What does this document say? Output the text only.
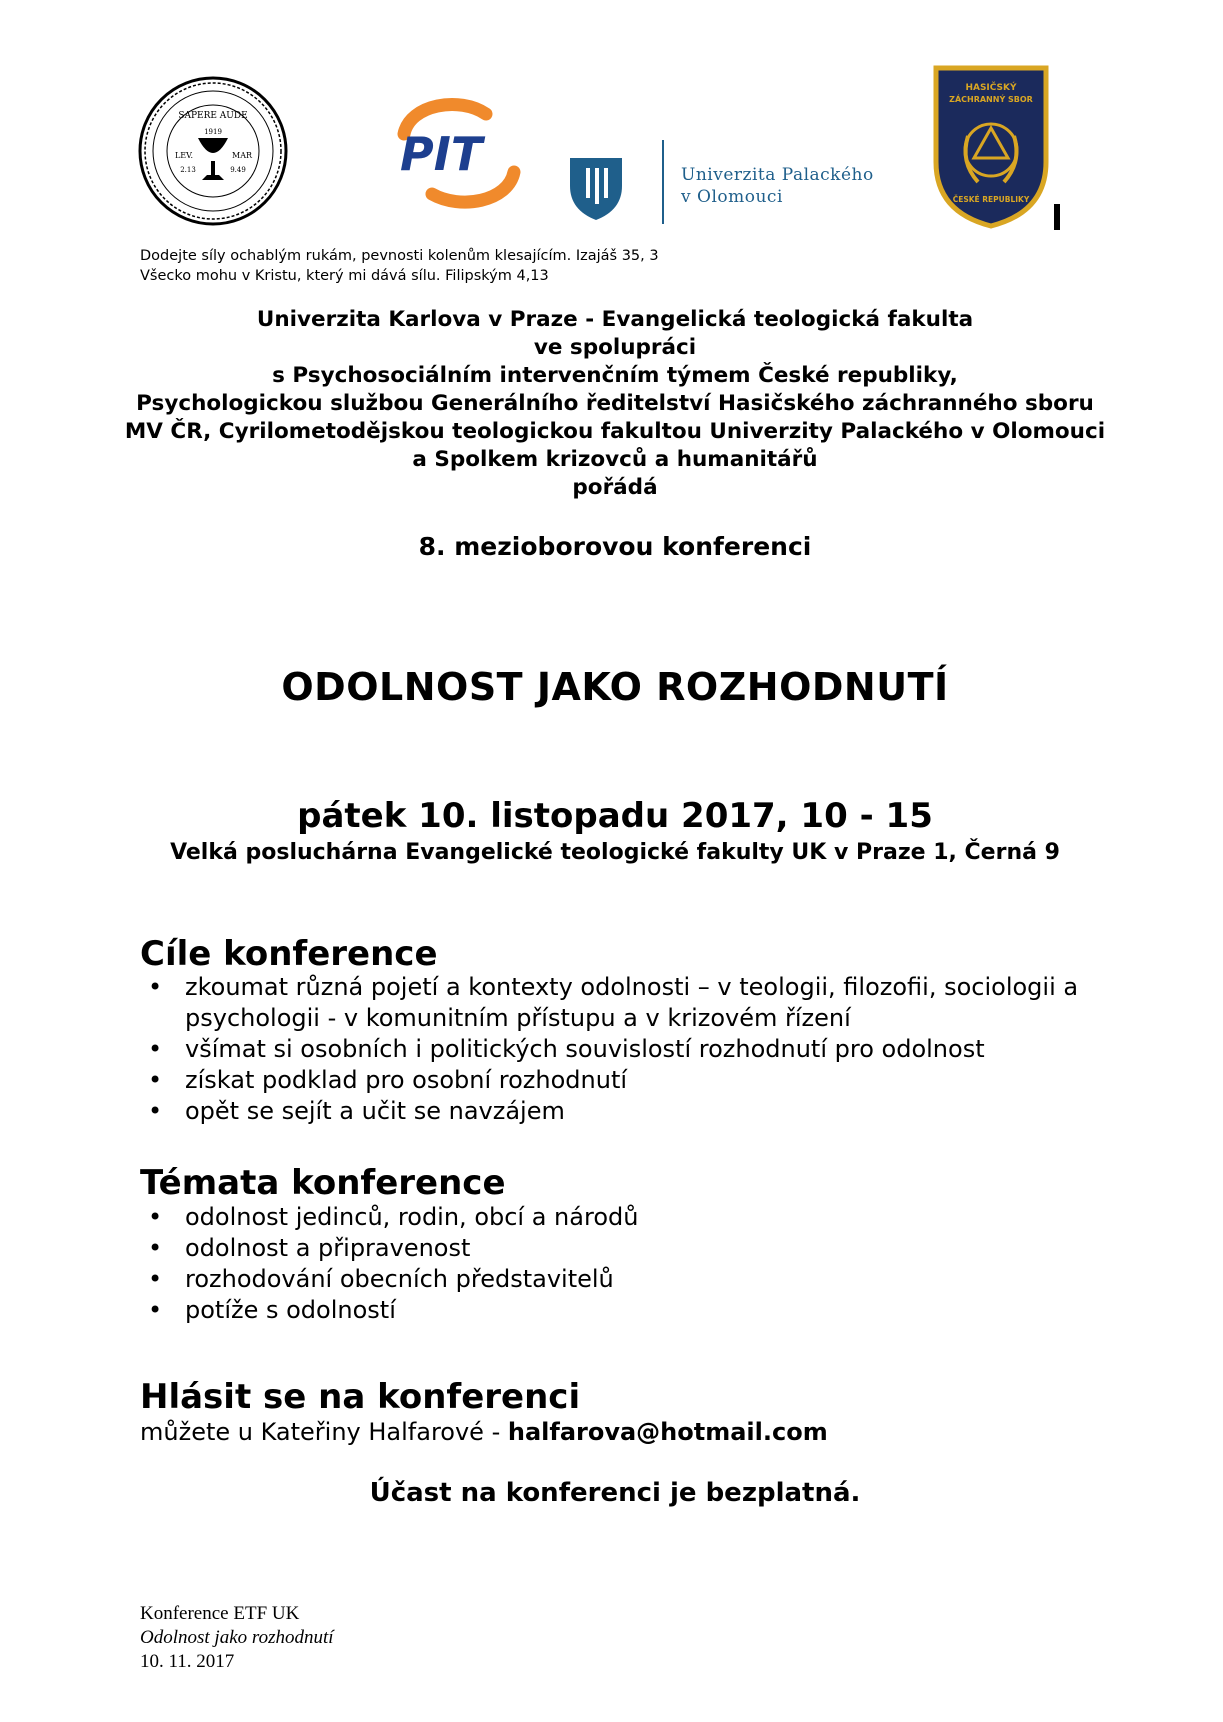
SAPERE AUDE
1919
LEV.	MAR
2.13	9.49	PIT	Univerzita Palackého
v Olomouci
HASIČSKÝ
ZÁCHRANNÝ SBOR
ČESKÉ REPUBLIKY
Dodejte síly ochablým rukám, pevnosti kolenům klesajícím. Izajáš 35, 3
Všecko mohu v Kristu, který mi dává sílu. Filipským 4,13
Univerzita Karlova v Praze - Evangelická teologická fakulta
ve spolupráci
s Psychosociálním intervenčním týmem České republiky,
Psychologickou službou Generálního ředitelství Hasičského záchranného sboru
MV ČR, Cyrilometodějskou teologickou fakultou Univerzity Palackého v Olomouci
a Spolkem krizovců a humanitářů
pořádá
8. mezioborovou konferenci
ODOLNOST JAKO ROZHODNUTÍ
pátek 10. listopadu 2017, 10 - 15
Velká posluchárna Evangelické teologické fakulty UK v Praze 1, Černá 9
Cíle konference
• zkoumat různá pojetí a kontexty odolnosti – v teologii, filozofii, sociologii a psychologii - v komunitním přístupu a v krizovém řízení
• všímat si osobních i politických souvislostí rozhodnutí pro odolnost
• získat podklad pro osobní rozhodnutí
• opět se sejít a učit se navzájem
Témata konference
• odolnost jedinců, rodin, obcí a národů
• odolnost a připravenost
• rozhodování obecních představitelů
• potíže s odolností
Hlásit se na konferenci
můžete u Kateřiny Halfarové - halfarova@hotmail.com
Účast na konferenci je bezplatná.
Konference ETF UK
Odolnost jako rozhodnutí
10. 11. 2017
